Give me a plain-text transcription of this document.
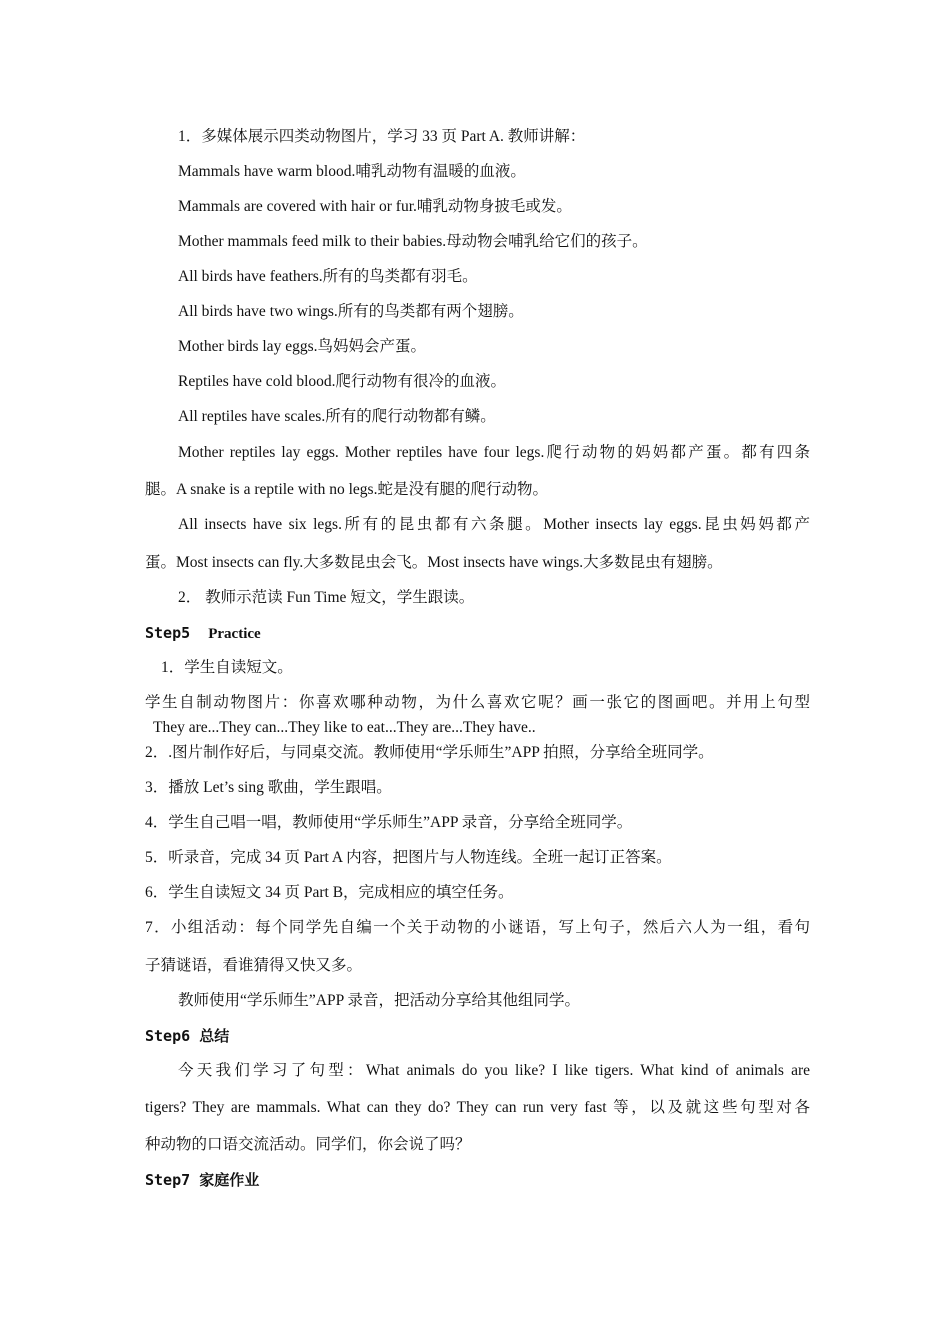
1．多媒体展示四类动物图片，学习 33 页 Part A. 教师讲解：
Mammals have warm blood.哺乳动物有温暖的血液。
Mammals are covered with hair or fur.哺乳动物身披毛或发。
Mother mammals feed milk to their babies.母动物会哺乳给它们的孩子。
All birds have feathers.所有的鸟类都有羽毛。
All birds have two wings.所有的鸟类都有两个翅膀。
Mother birds lay eggs.鸟妈妈会产蛋。
Reptiles have cold blood.爬行动物有很冷的血液。
All reptiles have scales.所有的爬行动物都有鳞。
Mother reptiles lay eggs. Mother reptiles have four legs.爬行动物的妈妈都产蛋。都有四条
腿。A snake is a reptile with no legs.蛇是没有腿的爬行动物。
All insects have six legs.所有的昆虫都有六条腿。Mother insects lay eggs.昆虫妈妈都产
蛋。Most insects can fly.大多数昆虫会飞。Most insects have wings.大多数昆虫有翅膀。
2． 教师示范读 Fun Time 短文，学生跟读。
Step5 Practice
1．学生自读短文。
学生自制动物图片：你喜欢哪种动物，为什么喜欢它呢？画一张它的图画吧。并用上句型
They are...They can...They like to eat...They are...They have..
2．.图片制作好后，与同桌交流。教师使用“学乐师生”APP 拍照，分享给全班同学。
3．播放 Let’s sing 歌曲，学生跟唱。
4．学生自己唱一唱，教师使用“学乐师生”APP 录音，分享给全班同学。
5．听录音，完成 34 页 Part A 内容，把图片与人物连线。全班一起订正答案。
6．学生自读短文 34 页 Part B，完成相应的填空任务。
7．小组活动：每个同学先自编一个关于动物的小谜语，写上句子，然后六人为一组，看句
子猜谜语，看谁猜得又快又多。
教师使用“学乐师生”APP 录音，把活动分享给其他组同学。
Step6 总结
今天我们学习了句型：What animals do you like? I like tigers. What kind of animals are
tigers? They are mammals. What can they do? They can run very fast 等，以及就这些句型对各
种动物的口语交流活动。同学们，你会说了吗？
Step7 家庭作业
